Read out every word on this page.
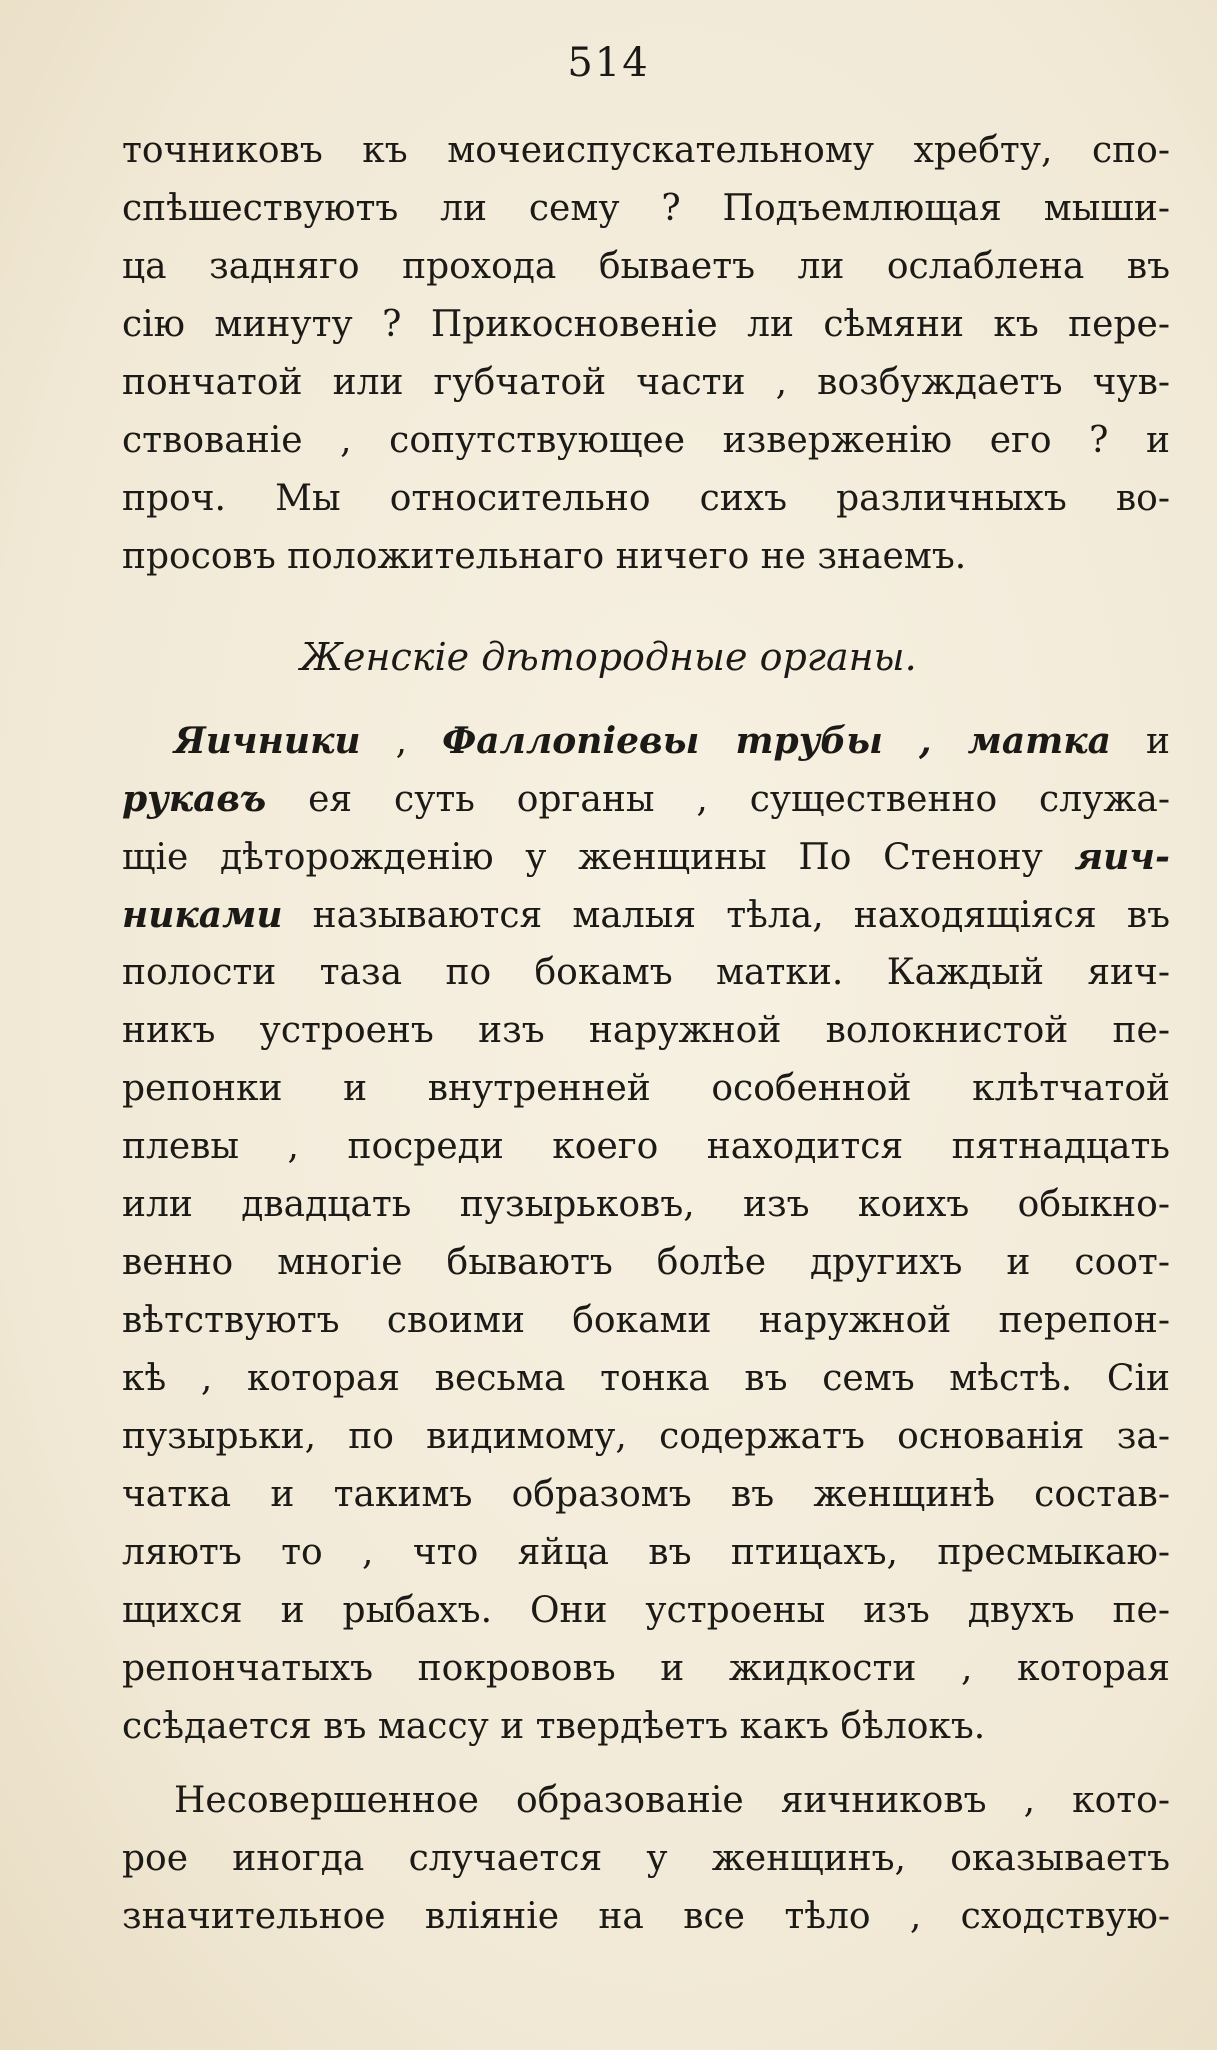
514
точниковъ къ мочеиспускательному хребту, спо-
спѣшествуютъ ли сему ? Подъемлющая мыши-
ца задняго прохода бываетъ ли ослаблена въ
сію минуту ? Прикосновеніе ли сѣмяни къ пере-
пончатой или губчатой части , возбуждаетъ чув-
ствованіе , сопутствующее изверженію его ? и
проч. Мы относительно сихъ различныхъ во-
просовъ положительнаго ничего не знаемъ.
Женскіе дѣтородные органы.
Яичники , Фаллопіевы трубы , матка и
рукавъ ея суть органы , существенно служа-
щіе дѣторожденію у женщины По Стенону яич-
никами называются малыя тѣла, находящіяся въ
полости таза по бокамъ матки. Каждый яич-
никъ устроенъ изъ наружной волокнистой пе-
репонки и внутренней особенной клѣтчатой
плевы , посреди коего находится пятнадцать
или двадцать пузырьковъ, изъ коихъ обыкно-
венно многіе бываютъ болѣе другихъ и соот-
вѣтствуютъ своими боками наружной перепон-
кѣ , которая весьма тонка въ семъ мѣстѣ. Сіи
пузырьки, по видимому, содержатъ основанія за-
чатка и такимъ образомъ въ женщинѣ состав-
ляютъ то , что яйца въ птицахъ, пресмыкаю-
щихся и рыбахъ. Они устроены изъ двухъ пе-
репончатыхъ покрововъ и жидкости , которая
ссѣдается въ массу и твердѣетъ какъ бѣлокъ.
Несовершенное образованіе яичниковъ , кото-
рое иногда случается у женщинъ, оказываетъ
значительное вліяніе на все тѣло , сходствую-
